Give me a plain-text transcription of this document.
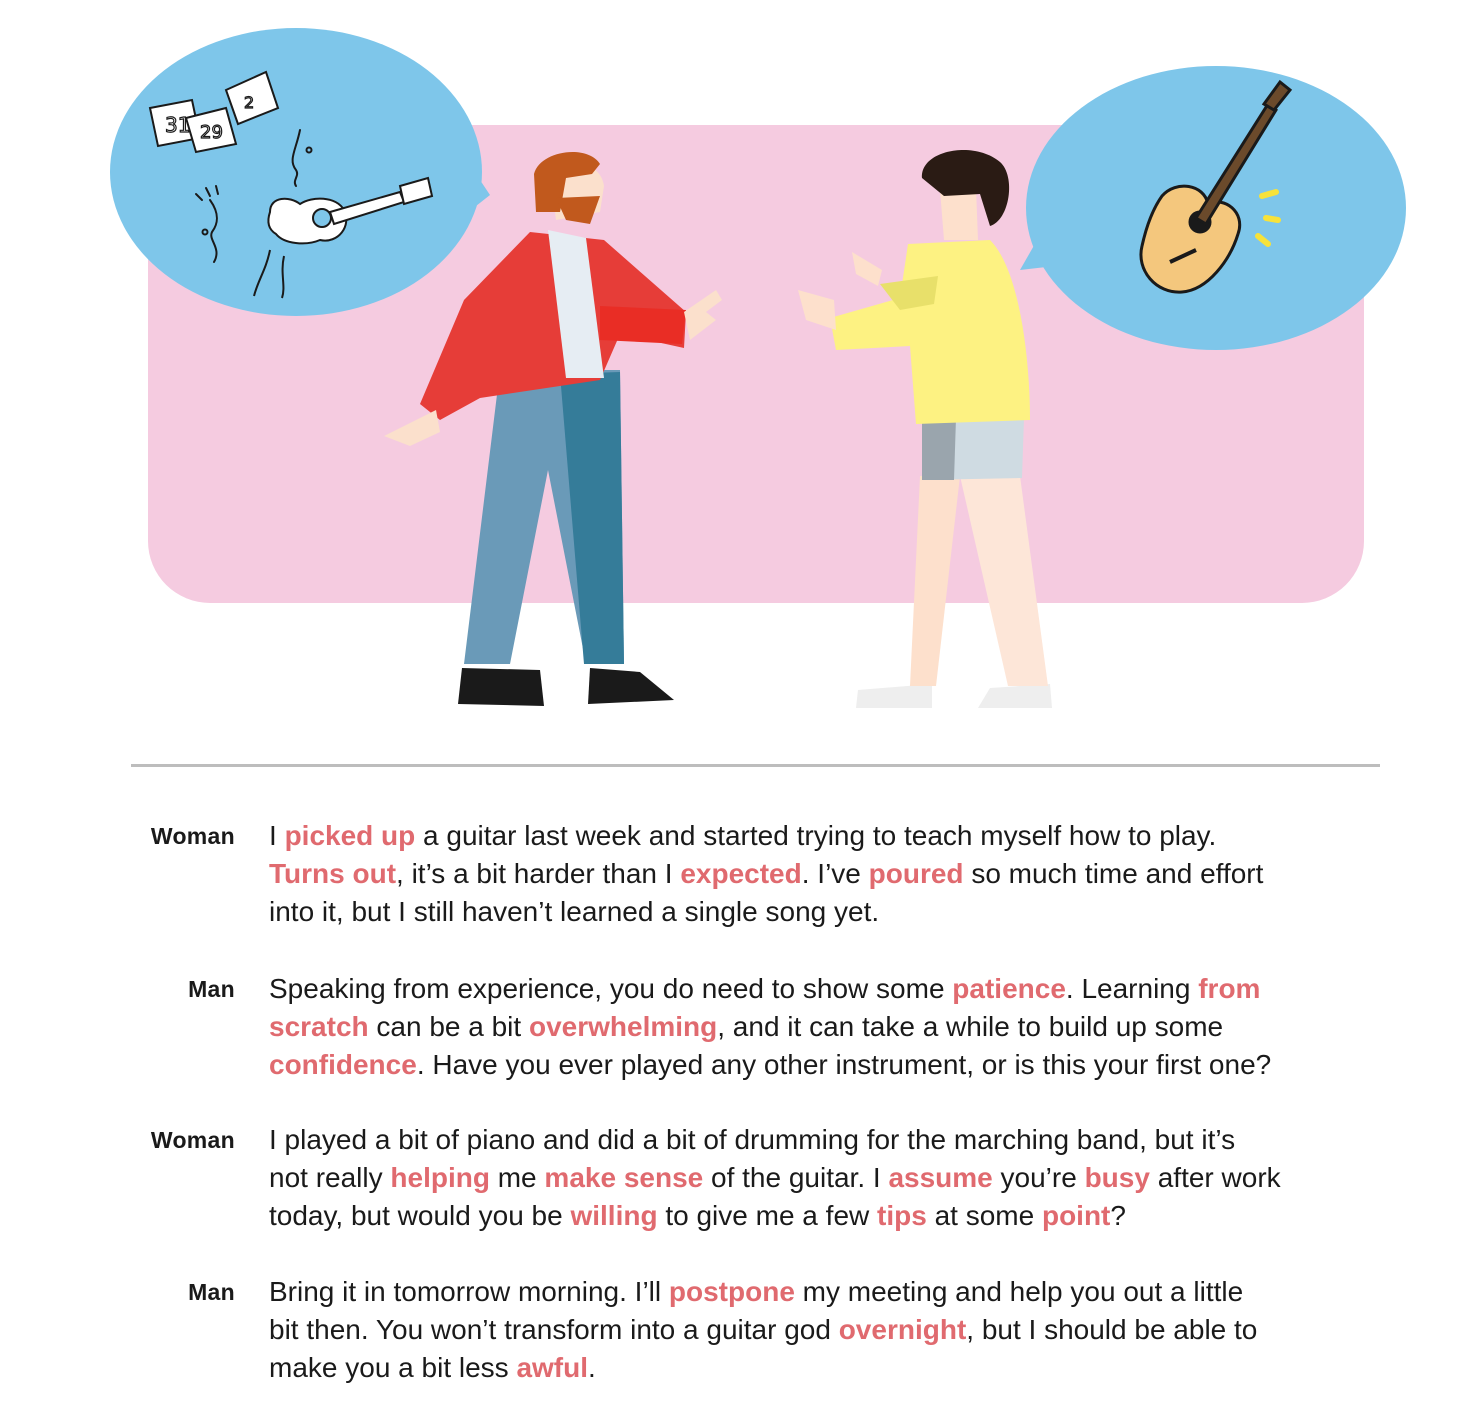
31 29
2
Woman I picked up a guitar last week and started trying to teach myself how to play.
Turns out, it’s a bit harder than I expected. I’ve poured so much time and effort
into it, but I still haven’t learned a single song yet.
Man Speaking from experience, you do need to show some patience. Learning from
scratch can be a bit overwhelming, and it can take a while to build up some
confidence. Have you ever played any other instrument, or is this your first one?
Woman I played a bit of piano and did a bit of drumming for the marching band, but it’s
not really helping me make sense of the guitar. I assume you’re busy after work
today, but would you be willing to give me a few tips at some point?
Man Bring it in tomorrow morning. I’ll postpone my meeting and help you out a little
bit then. You won’t transform into a guitar god overnight, but I should be able to
make you a bit less awful.
